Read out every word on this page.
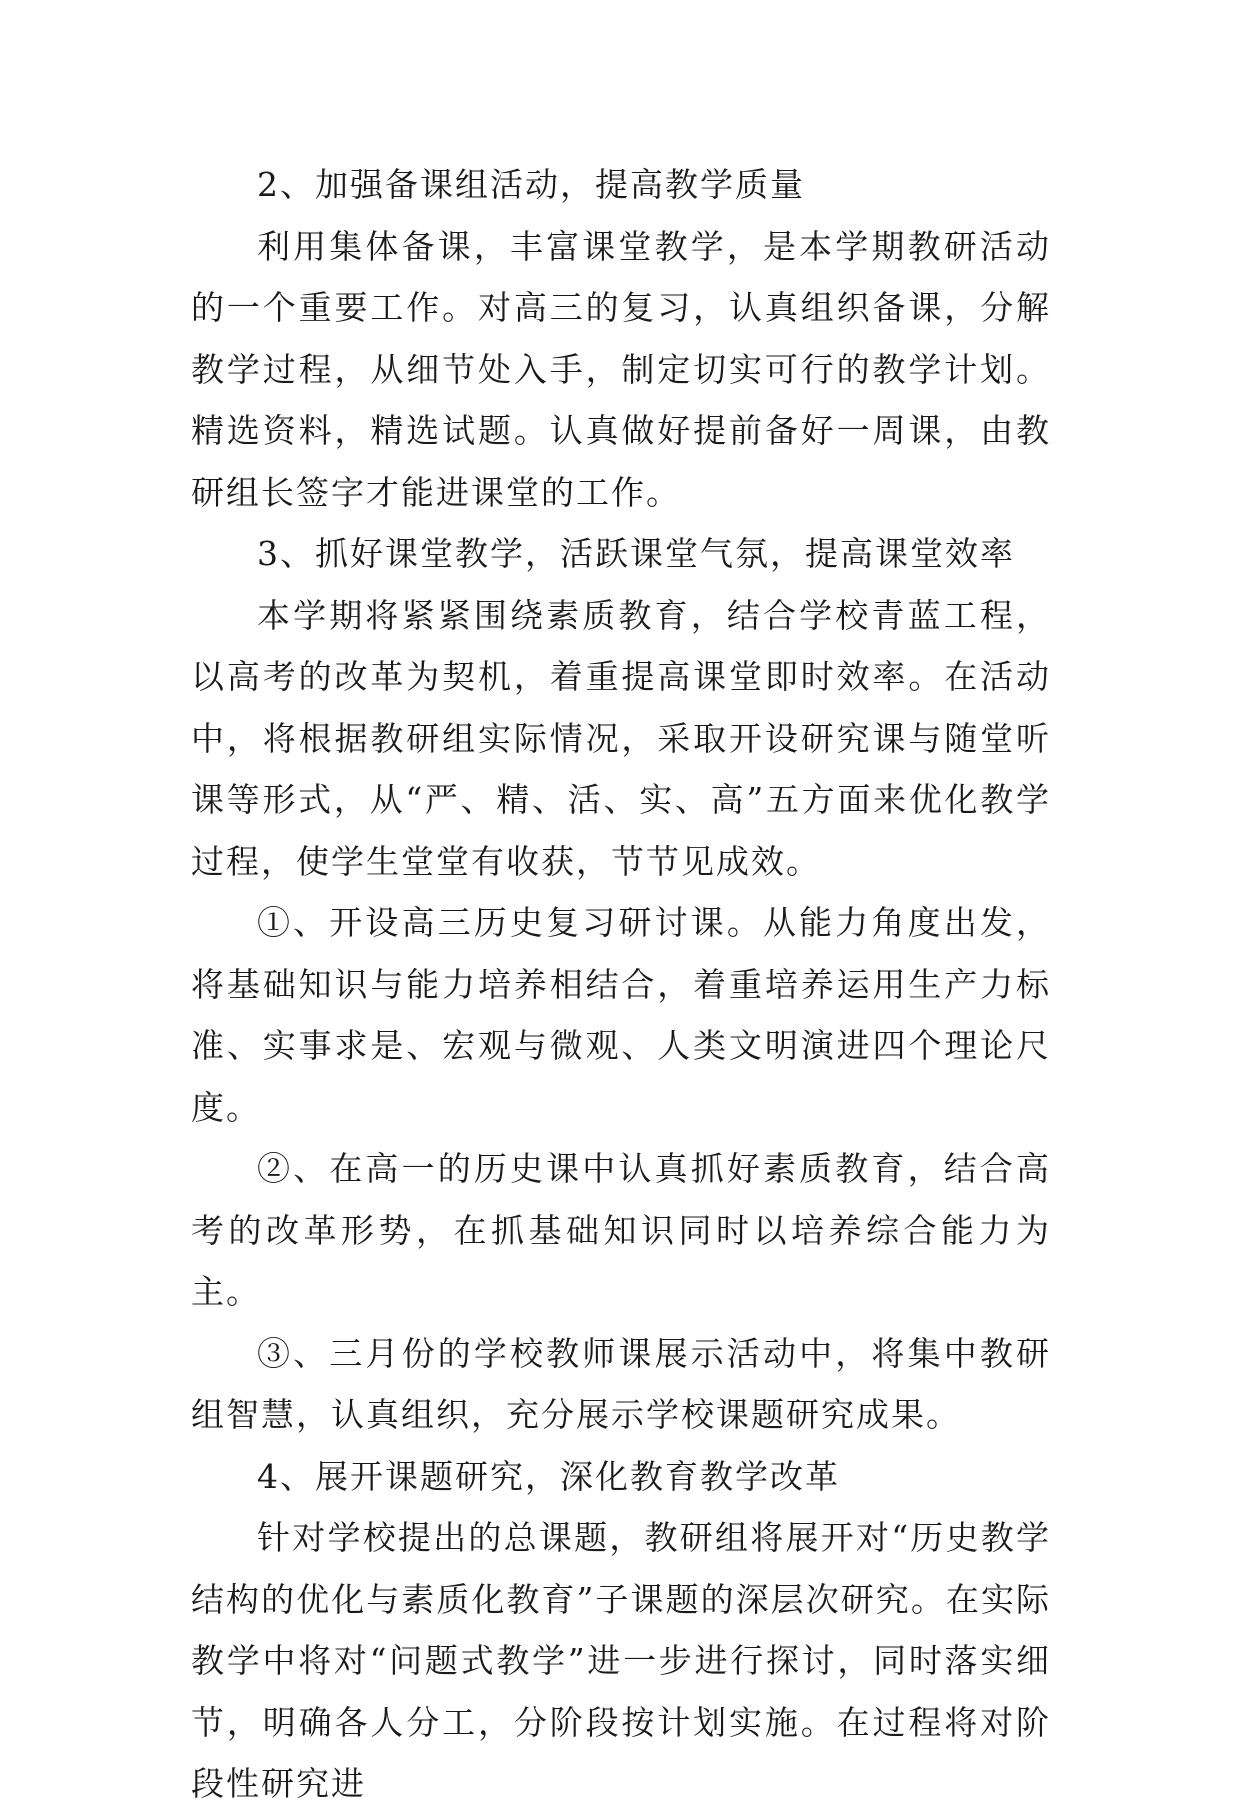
2、加强备课组活动，提高教学质量

利用集体备课，丰富课堂教学，是本学期教研活动的一个重要工作。对高三的复习，认真组织备课，分解教学过程，从细节处入手，制定切实可行的教学计划。精选资料，精选试题。认真做好提前备好一周课，由教研组长签字才能进课堂的工作。

3、抓好课堂教学，活跃课堂气氛，提高课堂效率

本学期将紧紧围绕素质教育，结合学校青蓝工程，以高考的改革为契机，着重提高课堂即时效率。在活动中，将根据教研组实际情况，采取开设研究课与随堂听课等形式，从“严、精、活、实、高”五方面来优化教学过程，使学生堂堂有收获，节节见成效。

①、开设高三历史复习研讨课。从能力角度出发，将基础知识与能力培养相结合，着重培养运用生产力标准、实事求是、宏观与微观、人类文明演进四个理论尺度。

②、在高一的历史课中认真抓好素质教育，结合高考的改革形势，在抓基础知识同时以培养综合能力为主。

③、三月份的学校教师课展示活动中，将集中教研组智慧，认真组织，充分展示学校课题研究成果。

4、展开课题研究，深化教育教学改革

针对学校提出的总课题，教研组将展开对“历史教学结构的优化与素质化教育”子课题的深层次研究。在实际教学中将对“问题式教学”进一步进行探讨，同时落实细节，明确各人分工，分阶段按计划实施。在过程将对阶段性研究进
